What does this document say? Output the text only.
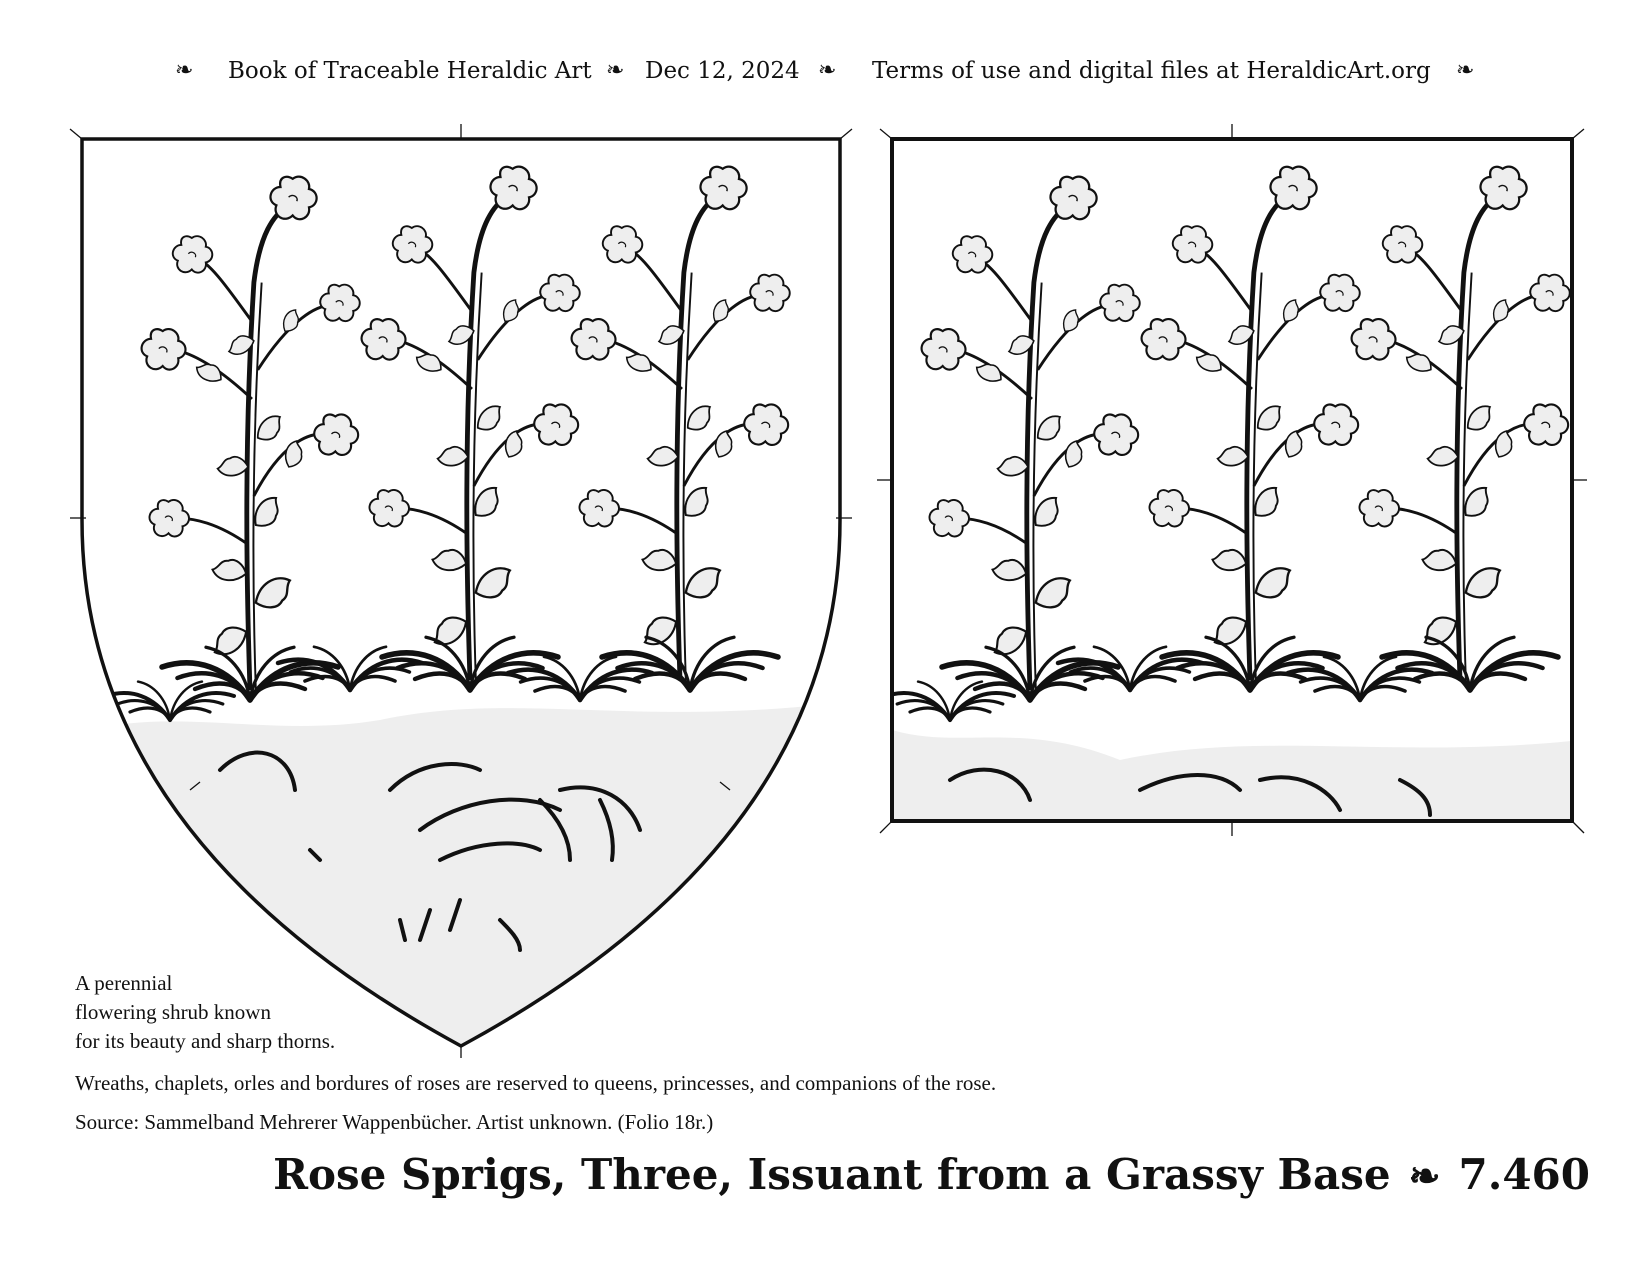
❧ Book of Traceable Heraldic Art ❧ Dec 12, 2024 ❧ Terms of use and digital files at HeraldicArt.org ❧
A perennial
flowering shrub known
for its beauty and sharp thorns.
Wreaths, chaplets, orles and bordures of roses are reserved to queens, princesses, and companions of the rose.
Source: Sammelband Mehrerer Wappenbücher. Artist unknown. (Folio 18r.)
Rose Sprigs, Three, Issuant from a Grassy Base ❧ 7.460
